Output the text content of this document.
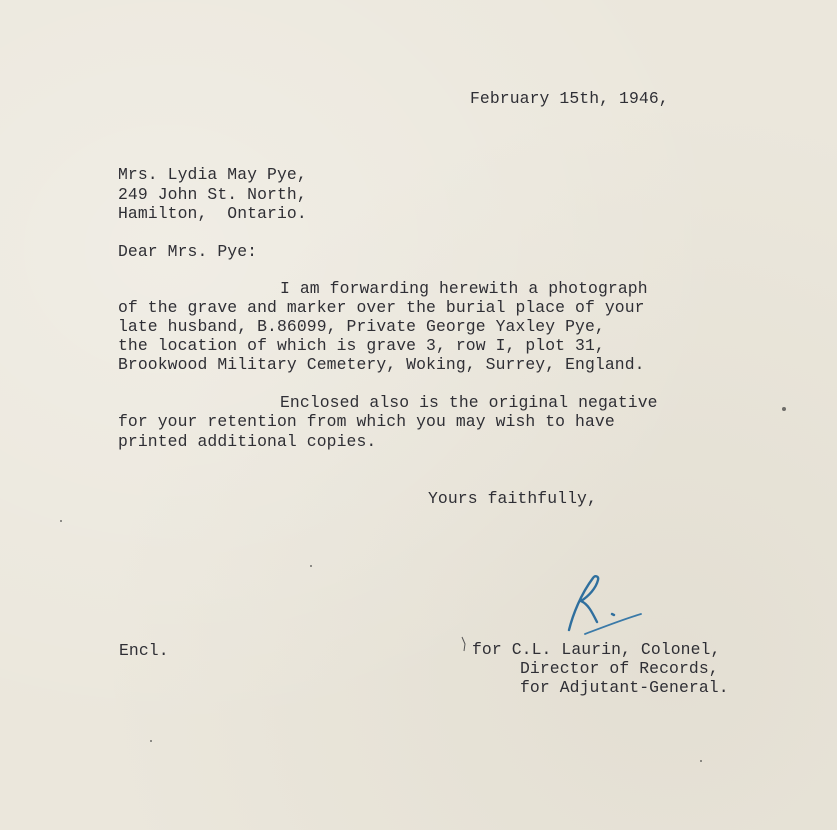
February 15th, 1946,
Mrs. Lydia May Pye,
249 John St. North,
Hamilton,  Ontario.
Dear Mrs. Pye:
I am forwarding herewith a photograph
of the grave and marker over the burial place of your
late husband, B.86099, Private George Yaxley Pye,
the location of which is grave 3, row I, plot 31,
Brookwood Military Cemetery, Woking, Surrey, England.
Enclosed also is the original negative
for your retention from which you may wish to have
printed additional copies.
Yours faithfully,
Encl.	for C.L. Laurin, Colonel,
Director of Records,
for Adjutant-General.
